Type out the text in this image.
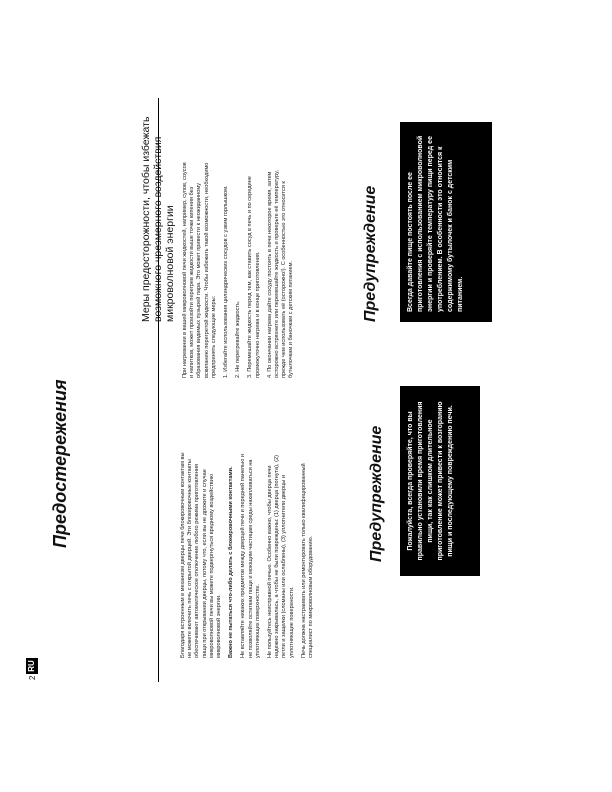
RU
Предостережения	Благодаря встроенным в механизм дверцы печи блокировочным контактам вы не можете включить печь с открытой дверцей. Эти блокировочные контакты обеспечивают автоматическое отключение любого режима приготовления пищи при открывании дверцы, потому что, если вы не дрожите и случае микроволновой печи вы можете подвергнуться вредному воздействию микроволновой энергии. Важно не пытаться что-либо делать с блокировочными контактами. Не вставляйте никаких предметов между дверцей печи и передней панелью и не позволяйте остаткам пищи и моющим частицам среды накапливаться на уплотняющих поверхностях. Не пользуйтесь неисправной печью. Особенно важно, чтобы дверца печи надежно закрывалась, а чтобы не были повреждены: (1) дверца (погнута), (2) петли и защелки (сломаны или ослаблены), (3) уплотнители дверцы и уплотняющие поверхности. Печь должна настраивать или ремонтировать только квалифицированный специалист по микроволновым оборудованию.

Предупреждение	Пожалуйста, всегда проверяйте, что вы правильно установили время приготовления пищи, так как слишком длительное приготовление может привести к возгоранию пищи и последующему повреждению печи.
Меры предосторожности, чтобы избежать возможного чрезмерного воздействия микроволновой энергии При нагревании в вашей микроволновой печи жидкостей, например, супов, соусов и напитков, может произойти перегрев жидкости выше точки кипения без образования видимых пузырей пара. Это может привести к неожиданному вскипанию перегретой жидкости. Чтобы избежать такой возможности, необходимо предпринять следующие меры: 1. Избегайте использования цилиндрических сосудов с узким горлышком. 2. Не перегревайте жидкость. 3. Перемешайте жидкость перед тем, как ставить сосуд в печь и по середине промежуточно нагрева и в конце приготовления. 4. По окончании нагрева дайте сосуду постоять в печи некоторое время, затем осторожно встряхните или перемешайте жидкость и проверьте её температуру, прежде чем использовать её (осторожно!). С особенностью это относится к бутылочкам и баночкам с детским питанием.	Предупреждение	Всегда давайте пище постоять после ее приготовления с использованием микроволновой энергии и проверяйте температуру пищи перед ее употреблением. В особенности это относится к содержимому бутылочек и банок с детским питанием.
2
